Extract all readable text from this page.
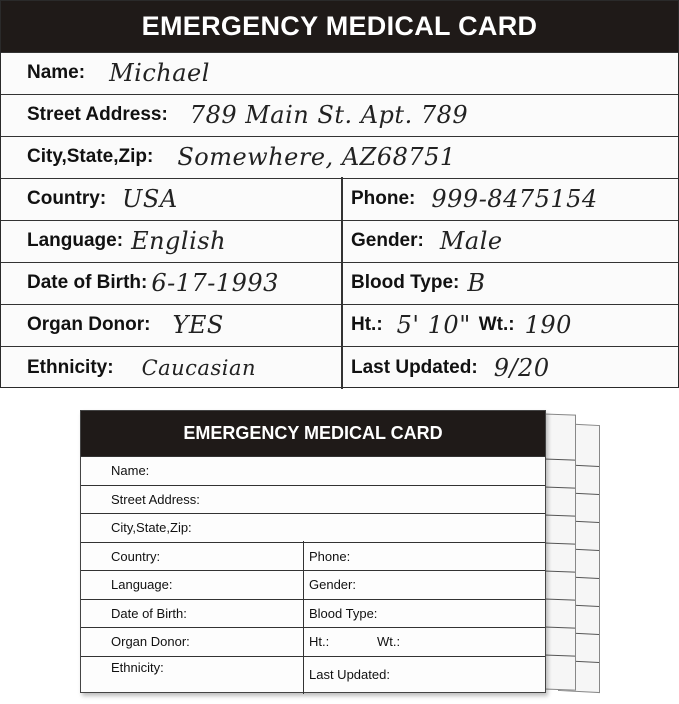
EMERGENCY MEDICAL CARD
Name: Michael
Street Address: 789 Main St. Apt. 789
City,State,Zip: Somewhere, AZ68751
Country: USA	Phone: 999-8475154
Language: English	Gender: Male
Date of Birth: 6-17-1993	Blood Type: B
Organ Donor: YES	Ht.: 5' 10" Wt.: 190
Ethnicity: Caucasian	Last Updated: 9/20
EMERGENCY MEDICAL CARD
Name:
Street Address:
City,State,Zip:
Country:	Phone:
Language:	Gender:
Date of Birth:	Blood Type:
Organ Donor:	Ht.:	Wt.:
Ethnicity:	Last Updated:
